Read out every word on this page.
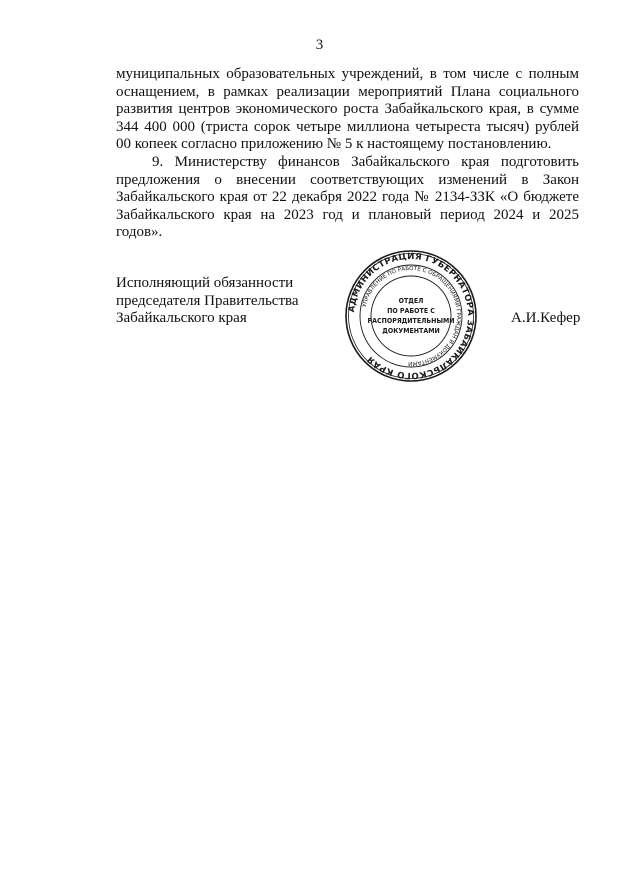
3

муниципальных образовательных учреждений, в том числе с полным оснащением, в рамках реализации мероприятий Плана социального развития центров экономического роста Забайкальского края, в сумме 344 400 000 (триста сорок четыре миллиона четыреста тысяч) рублей 00 копеек согласно приложению № 5 к настоящему постановлению.

9. Министерству финансов Забайкальского края подготовить предложения о внесении соответствующих изменений в Закон Забайкальского края от 22 декабря 2022 года № 2134-ЗЗК «О бюджете Забайкальского края на 2023 год и плановый период 2024 и 2025 годов».

Исполняющий обязанности
председателя Правительства
Забайкальского края	А.И.Кефер
АДМИНИСТРАЦИЯ ГУБЕРНАТОРА ЗАБАЙКАЛЬСКОГО КРАЯ
УПРАВЛЕНИЕ ПО РАБОТЕ С ОБРАЩЕНИЯМИ ГРАЖДАН И ДОКУМЕНТАМИ
ОТДЕЛ
ПО РАБОТЕ С
РАСПОРЯДИТЕЛЬНЫМИ
ДОКУМЕНТАМИ
